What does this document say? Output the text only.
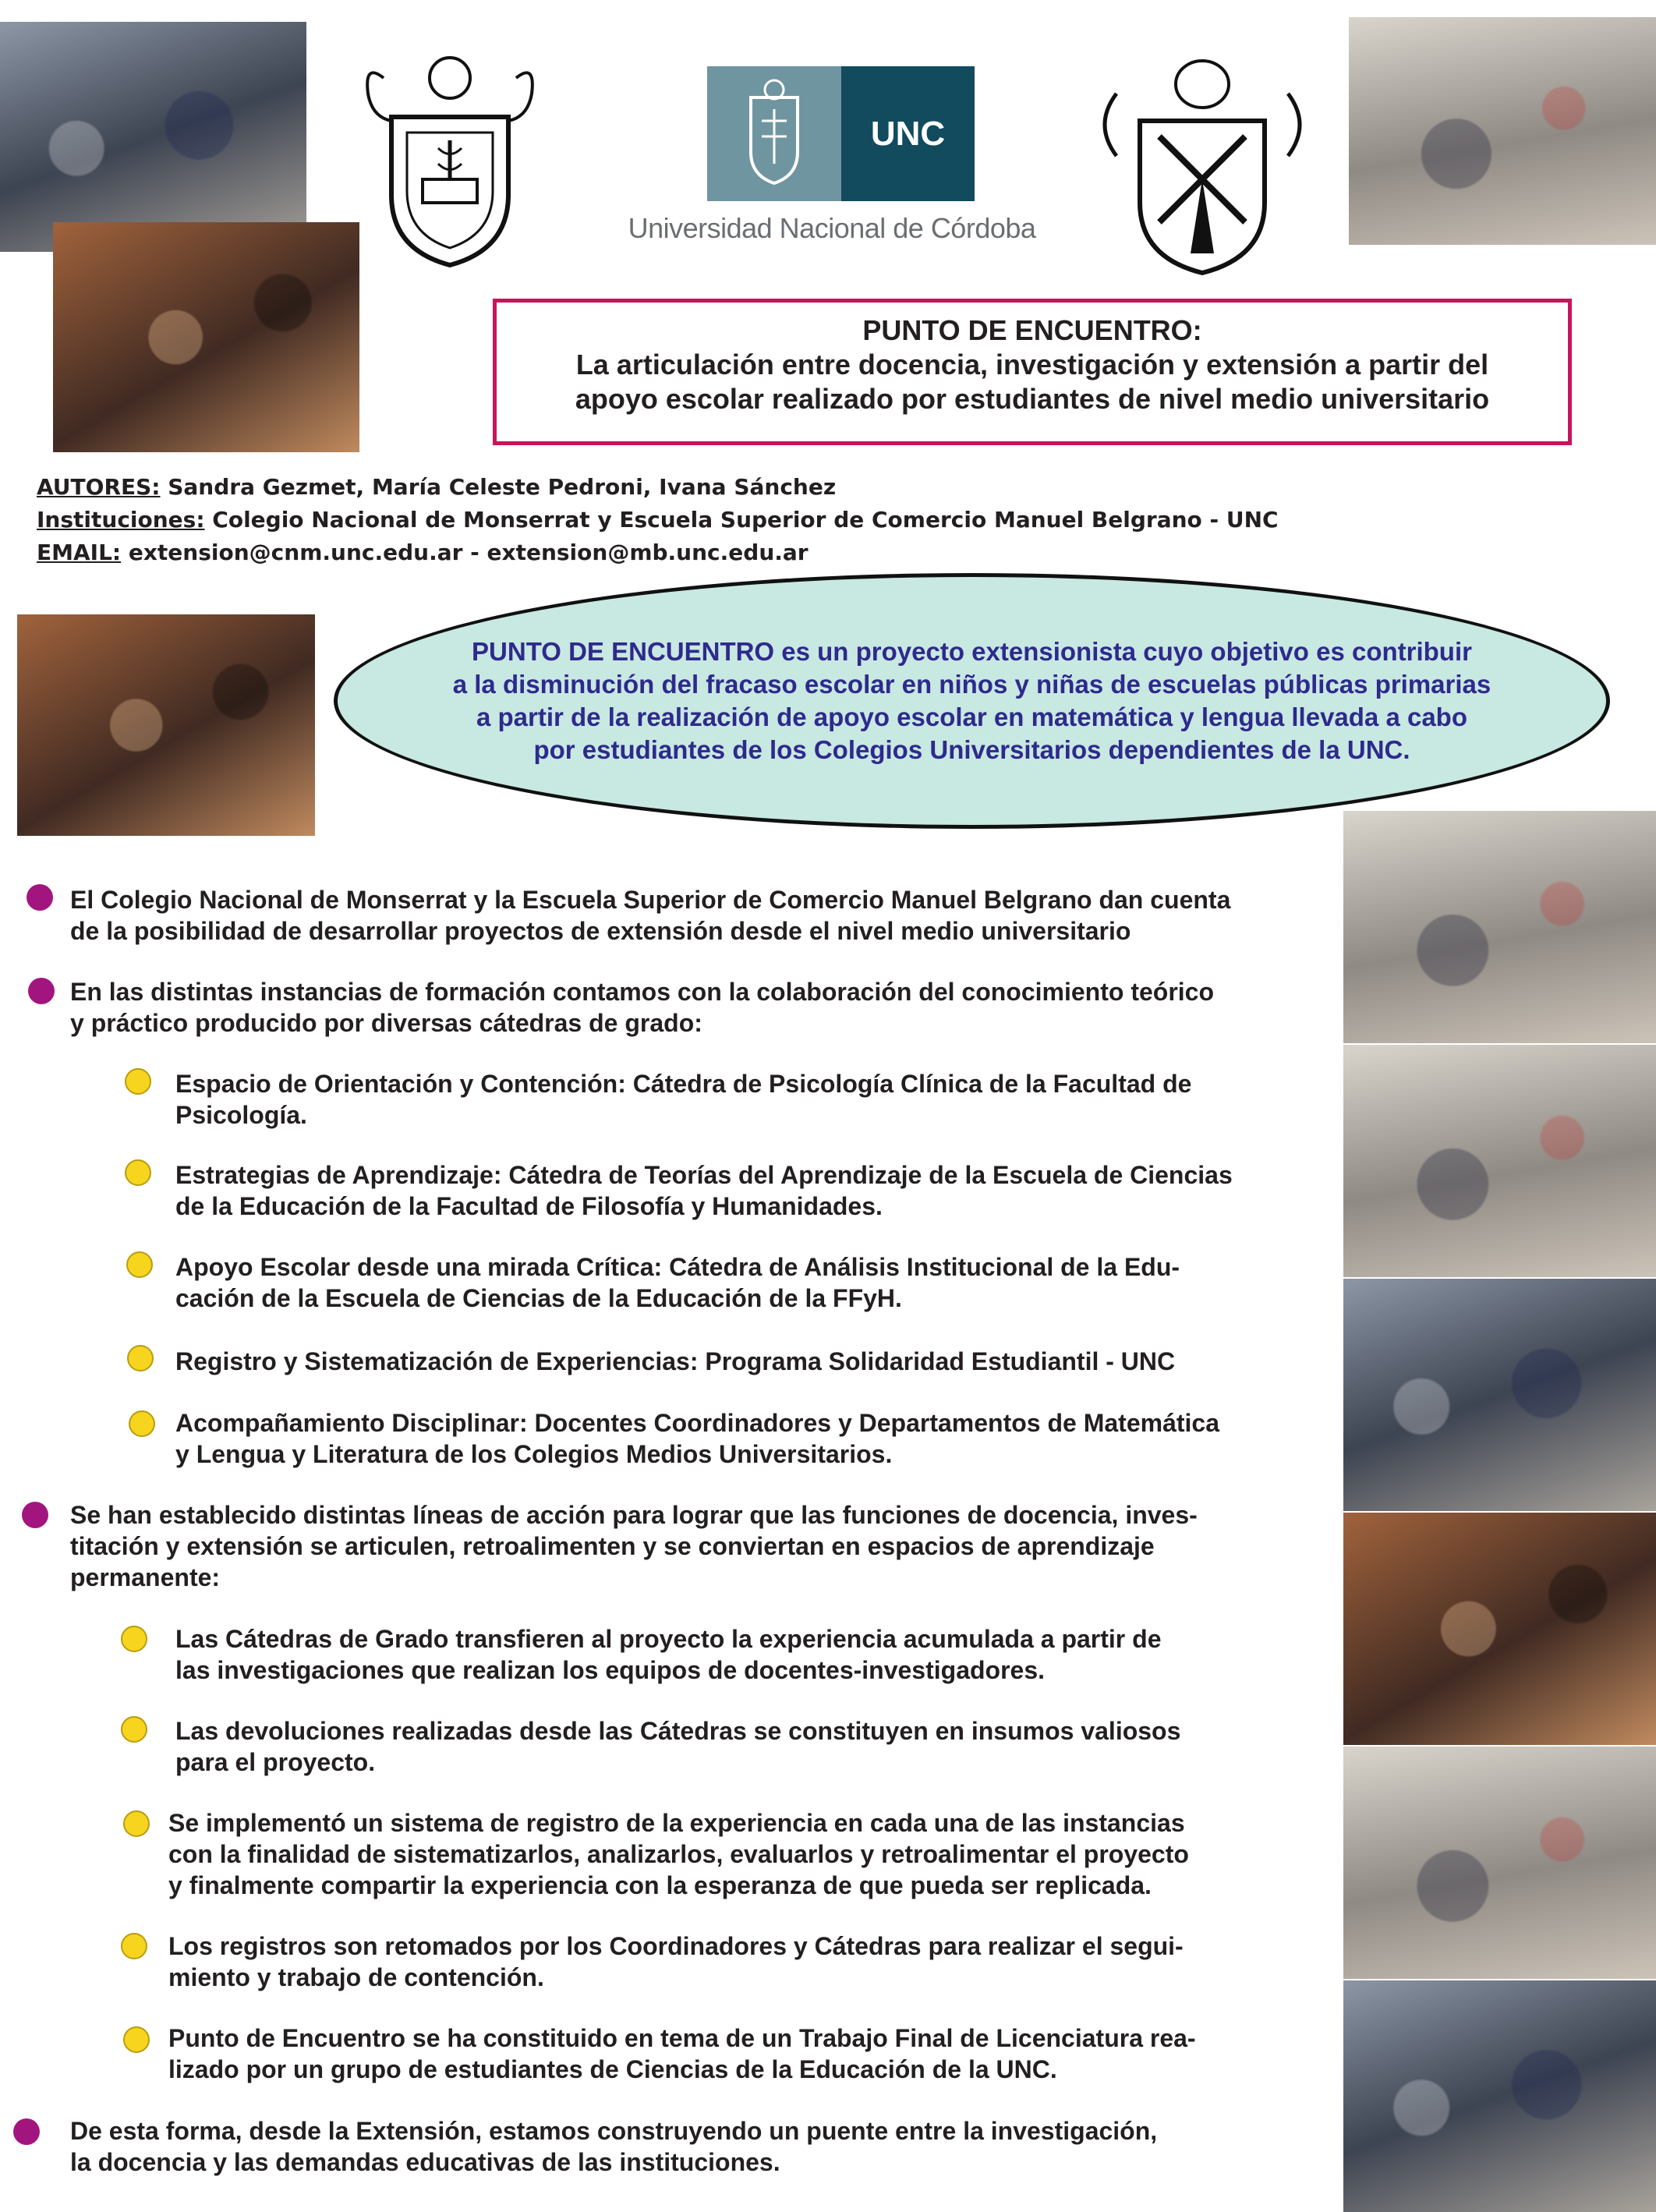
UNC
Universidad Nacional de Córdoba
PUNTO DE ENCUENTRO:
La articulación entre docencia, investigación y extensión a partir del
apoyo escolar realizado por estudiantes de nivel medio universitario
AUTORES: Sandra Gezmet, María Celeste Pedroni, Ivana Sánchez
Instituciones: Colegio Nacional de Monserrat y Escuela Superior de Comercio Manuel Belgrano - UNC
EMAIL: extension@cnm.unc.edu.ar - extension@mb.unc.edu.ar
PUNTO DE ENCUENTRO es un proyecto extensionista cuyo objetivo es contribuir
a la disminución del fracaso escolar en niños y niñas de escuelas públicas primarias
a partir de la realización de apoyo escolar en matemática y lengua llevada a cabo
por estudiantes de los Colegios Universitarios dependientes de la UNC.
El Colegio Nacional de Monserrat y la Escuela Superior de Comercio Manuel Belgrano dan cuenta
de la posibilidad de desarrollar proyectos de extensión desde el nivel medio universitario
En las distintas instancias de formación contamos con la colaboración del conocimiento teórico
y práctico producido por diversas cátedras de grado:
Espacio de Orientación y Contención: Cátedra de Psicología Clínica de la Facultad de
Psicología.
Estrategias de Aprendizaje: Cátedra de Teorías del Aprendizaje de la Escuela de Ciencias
de la Educación de la Facultad de Filosofía y Humanidades.
Apoyo Escolar desde una mirada Crítica: Cátedra de Análisis Institucional de la Edu-
cación de la Escuela de Ciencias de la Educación de la FFyH.
Registro y Sistematización de Experiencias: Programa Solidaridad Estudiantil - UNC
Acompañamiento Disciplinar: Docentes Coordinadores y Departamentos de Matemática
y Lengua y Literatura de los Colegios Medios Universitarios.
Se han establecido distintas líneas de acción para lograr que las funciones de docencia, inves-
titación y extensión se articulen, retroalimenten y se conviertan en espacios de aprendizaje
permanente:
Las Cátedras de Grado transfieren al proyecto la experiencia acumulada a partir de
las investigaciones que realizan los equipos de docentes-investigadores.
Las devoluciones realizadas desde las Cátedras se constituyen en insumos valiosos
para el proyecto.
Se implementó un sistema de registro de la experiencia en cada una de las instancias
con la finalidad de sistematizarlos, analizarlos, evaluarlos y retroalimentar el proyecto
y finalmente compartir la experiencia con la esperanza de que pueda ser replicada.
Los registros son retomados por los Coordinadores y Cátedras para realizar el segui-
miento y trabajo de contención.
Punto de Encuentro se ha constituido en tema de un Trabajo Final de Licenciatura rea-
lizado por un grupo de estudiantes de Ciencias de la Educación de la UNC.
De esta forma, desde la Extensión, estamos construyendo un puente entre la investigación,
la docencia y las demandas educativas de las instituciones.
